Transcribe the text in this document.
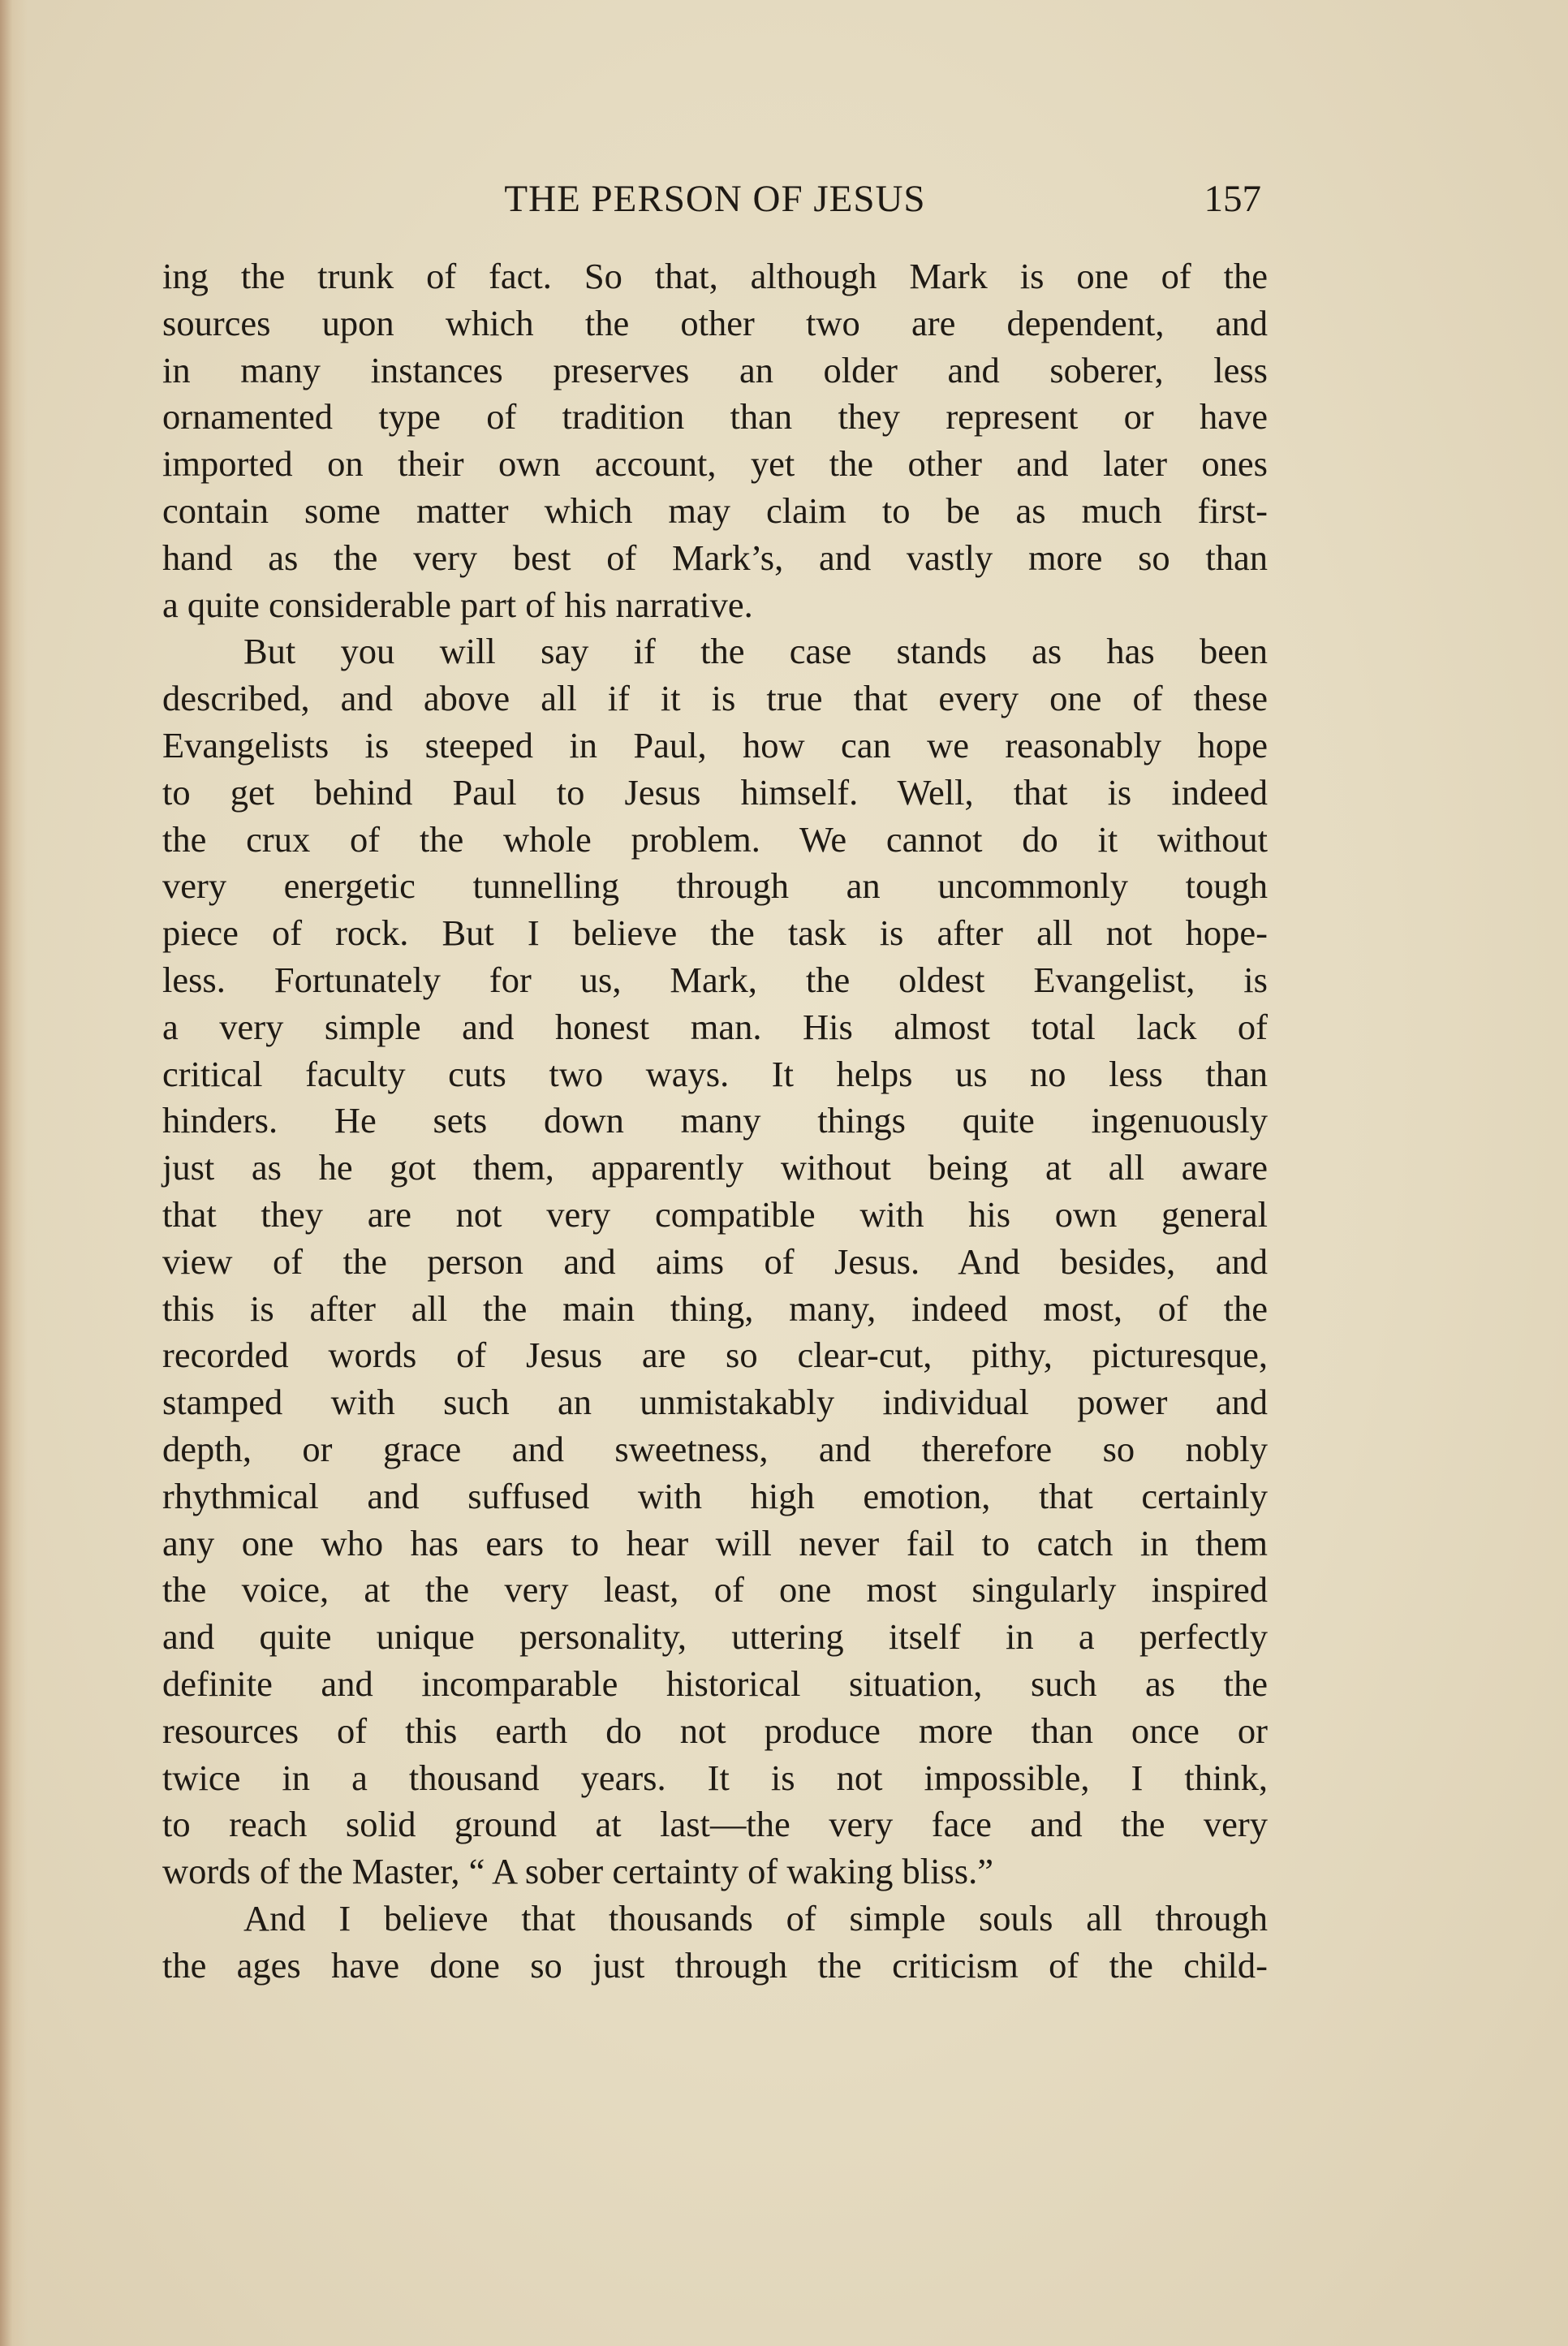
THE PERSON OF JESUS	157
ing the trunk of fact. So that, although Mark is one of the
sources upon which the other two are dependent, and
in many instances preserves an older and soberer, less
ornamented type of tradition than they represent or have
imported on their own account, yet the other and later ones
contain some matter which may claim to be as much first-
hand as the very best of Mark’s, and vastly more so than
a quite considerable part of his narrative.
But you will say if the case stands as has been
described, and above all if it is true that every one of these
Evangelists is steeped in Paul, how can we reasonably hope
to get behind Paul to Jesus himself. Well, that is indeed
the crux of the whole problem. We cannot do it without
very energetic tunnelling through an uncommonly tough
piece of rock. But I believe the task is after all not hope-
less. Fortunately for us, Mark, the oldest Evangelist, is
a very simple and honest man. His almost total lack of
critical faculty cuts two ways. It helps us no less than
hinders. He sets down many things quite ingenuously
just as he got them, apparently without being at all aware
that they are not very compatible with his own general
view of the person and aims of Jesus. And besides, and
this is after all the main thing, many, indeed most, of the
recorded words of Jesus are so clear-cut, pithy, picturesque,
stamped with such an unmistakably individual power and
depth, or grace and sweetness, and therefore so nobly
rhythmical and suffused with high emotion, that certainly
any one who has ears to hear will never fail to catch in them
the voice, at the very least, of one most singularly inspired
and quite unique personality, uttering itself in a perfectly
definite and incomparable historical situation, such as the
resources of this earth do not produce more than once or
twice in a thousand years. It is not impossible, I think,
to reach solid ground at last—the very face and the very
words of the Master, “ A sober certainty of waking bliss.”
And I believe that thousands of simple souls all through
the ages have done so just through the criticism of the child-
